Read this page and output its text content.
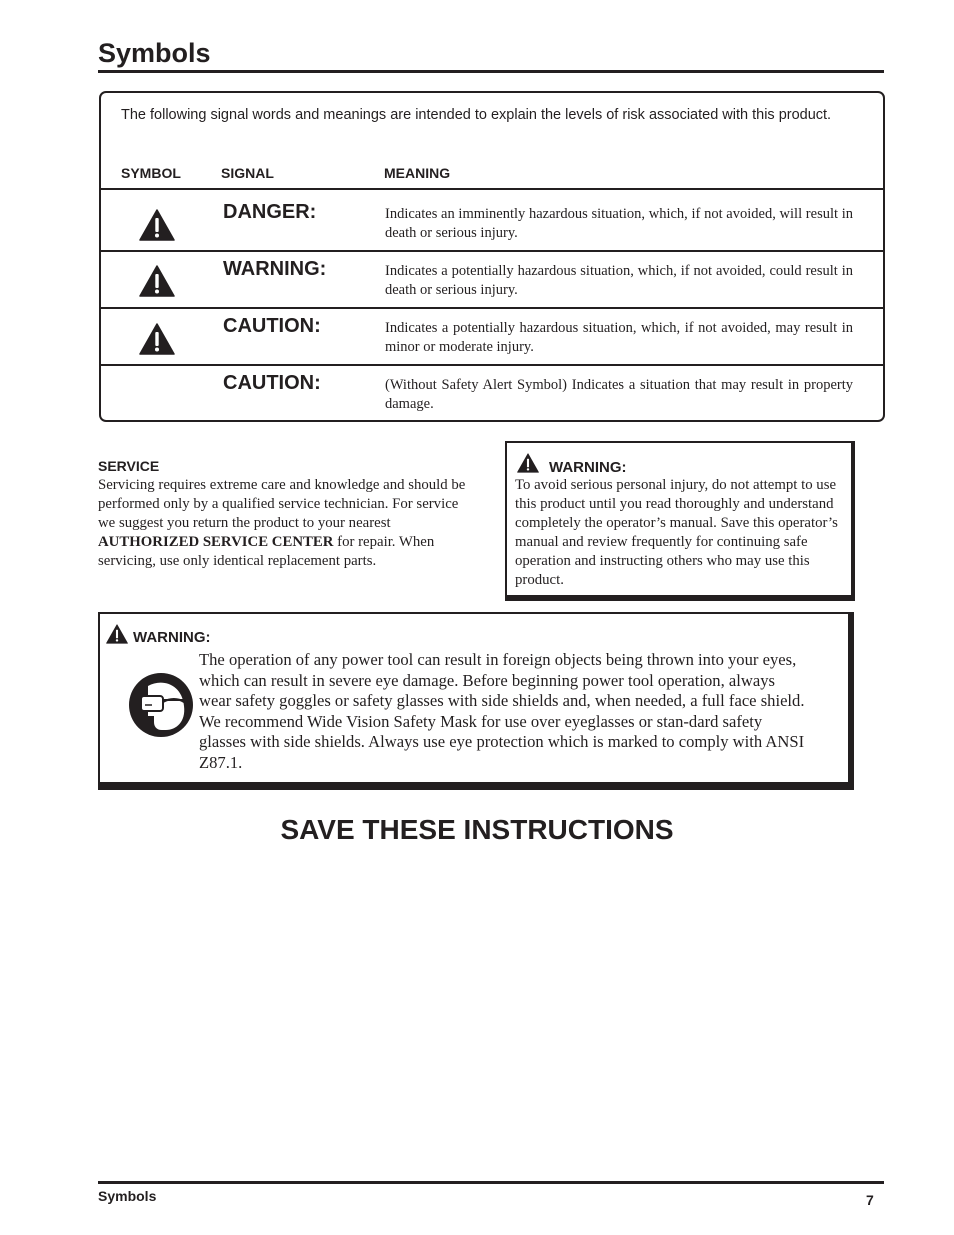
Symbols
The following signal words and meanings are intended to explain the levels of risk associated with this product.
SYMBOL	SIGNAL	MEANING
DANGER:	Indicates an imminently hazardous situation, which, if not avoided, will result in death or serious injury.
WARNING:	Indicates a potentially hazardous situation, which, if not avoided, could result in death or serious injury.
CAUTION:	Indicates a potentially hazardous situation, which, if not avoided, may result in minor or moderate injury.
CAUTION:	(Without Safety Alert Symbol) Indicates a situation that may result in property damage.
SERVICE
Servicing requires extreme care and knowledge and should be performed only by a qualified service technician. For service we suggest you return the product to your nearest AUTHORIZED SERVICE CENTER for repair. When servicing, use only identical replacement parts.
WARNING:
To avoid serious personal injury, do not attempt to use this product until you read thoroughly and understand completely the operator’s manual. Save this operator’s manual and review frequently for continuing safe operation and instructing others who may use this product.
WARNING:
The operation of any power tool can result in foreign objects being thrown into your eyes, which can result in severe eye damage. Before beginning power tool operation, always wear safety goggles or safety glasses with side shields and, when needed, a full face shield. We recommend Wide Vision Safety Mask for use over eyeglasses or stan-dard safety glasses with side shields. Always use eye protection which is marked to comply with ANSI Z87.1.
SAVE THESE INSTRUCTIONS
Symbols	7
